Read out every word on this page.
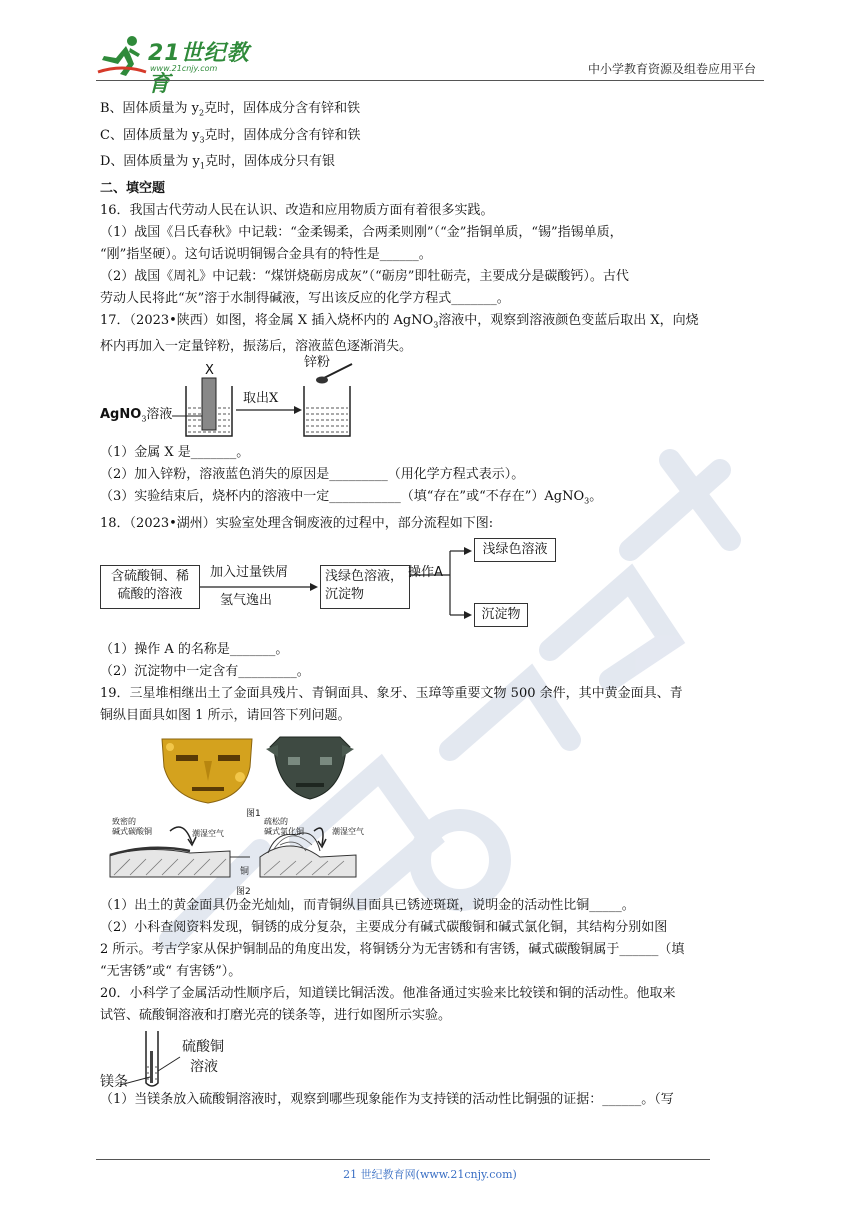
21世纪教育
www.21cnjy.com	中小学教育资源及组卷应用平台

B、固体质量为 $y_2$克时，固体成分含有锌和铁

C、固体质量为 $y_3$克时，固体成分含有锌和铁

D、固体质量为 $y_1$克时，固体成分只有银

二、填空题

16．我国古代劳动人民在认识、改造和应用物质方面有着很多实践。

（1）战国《吕氏春秋》中记载：“金柔锡柔，合两柔则刚”（“金”指铜单质，“锡”指锡单质，

“刚”指坚硬）。这句话说明铜锡合金具有的特性是______。

（2）战国《周礼》中记载：“煤饼烧砺房成灰”（“砺房”即牡砺壳，主要成分是碳酸钙）。古代

劳动人民将此“灰”溶于水制得碱液，写出该反应的化学方程式_______。

17．（2023•陕西）如图，将金属 X 插入烧杯内的 AgNO$_3$溶液中，观察到溶液颜色变蓝后取出 X，向烧

杯内再加入一定量锌粉，振荡后，溶液蓝色逐渐消失。

X
锌粉
取出X
AgNO$_3$溶液

（1）金属 X 是_______。

（2）加入锌粉，溶液蓝色消失的原因是_________（用化学方程式表示）。

（3）实验结束后，烧杯内的溶液中一定___________（填“存在”或“不存在”）AgNO$_3$。

18．（2023•湖州）实验室处理含铜废液的过程中，部分流程如下图:

含硫酸铜、稀
硫酸的溶液
加入过量铁屑
氢气逸出
浅绿色溶液，
沉淀物
操作A
浅绿色溶液
沉淀物

（1）操作 A 的名称是_______。

（2）沉淀物中一定含有_________。

19．三星堆相继出土了金面具残片、青铜面具、象牙、玉璋等重要文物 500 余件，其中黄金面具、青

铜纵目面具如图 1 所示，请回答下列问题。

图1
图2
致密的
碱式碳酸铜	潮湿空气
疏松的
碱式氯化铜	潮湿空气
铜

（1）出土的黄金面具仍金光灿灿，而青铜纵目面具已锈迹斑斑，说明金的活动性比铜_____。

（2）小科查阅资料发现，铜锈的成分复杂，主要成分有碱式碳酸铜和碱式氯化铜，其结构分别如图

2 所示。考古学家从保护铜制品的角度出发，将铜锈分为无害锈和有害锈，碱式碳酸铜属于______（填

“无害锈”或“ 有害锈”）。

20．小科学了金属活动性顺序后，知道镁比铜活泼。他准备通过实验来比较镁和铜的活动性。他取来

试管、硫酸铜溶液和打磨光亮的镁条等，进行如图所示实验。

硫酸铜
溶液
镁条

（1）当镁条放入硫酸铜溶液时，观察到哪些现象能作为支持镁的活动性比铜强的证据：______。（写

21 世纪教育网(www.21cnjy.com)
